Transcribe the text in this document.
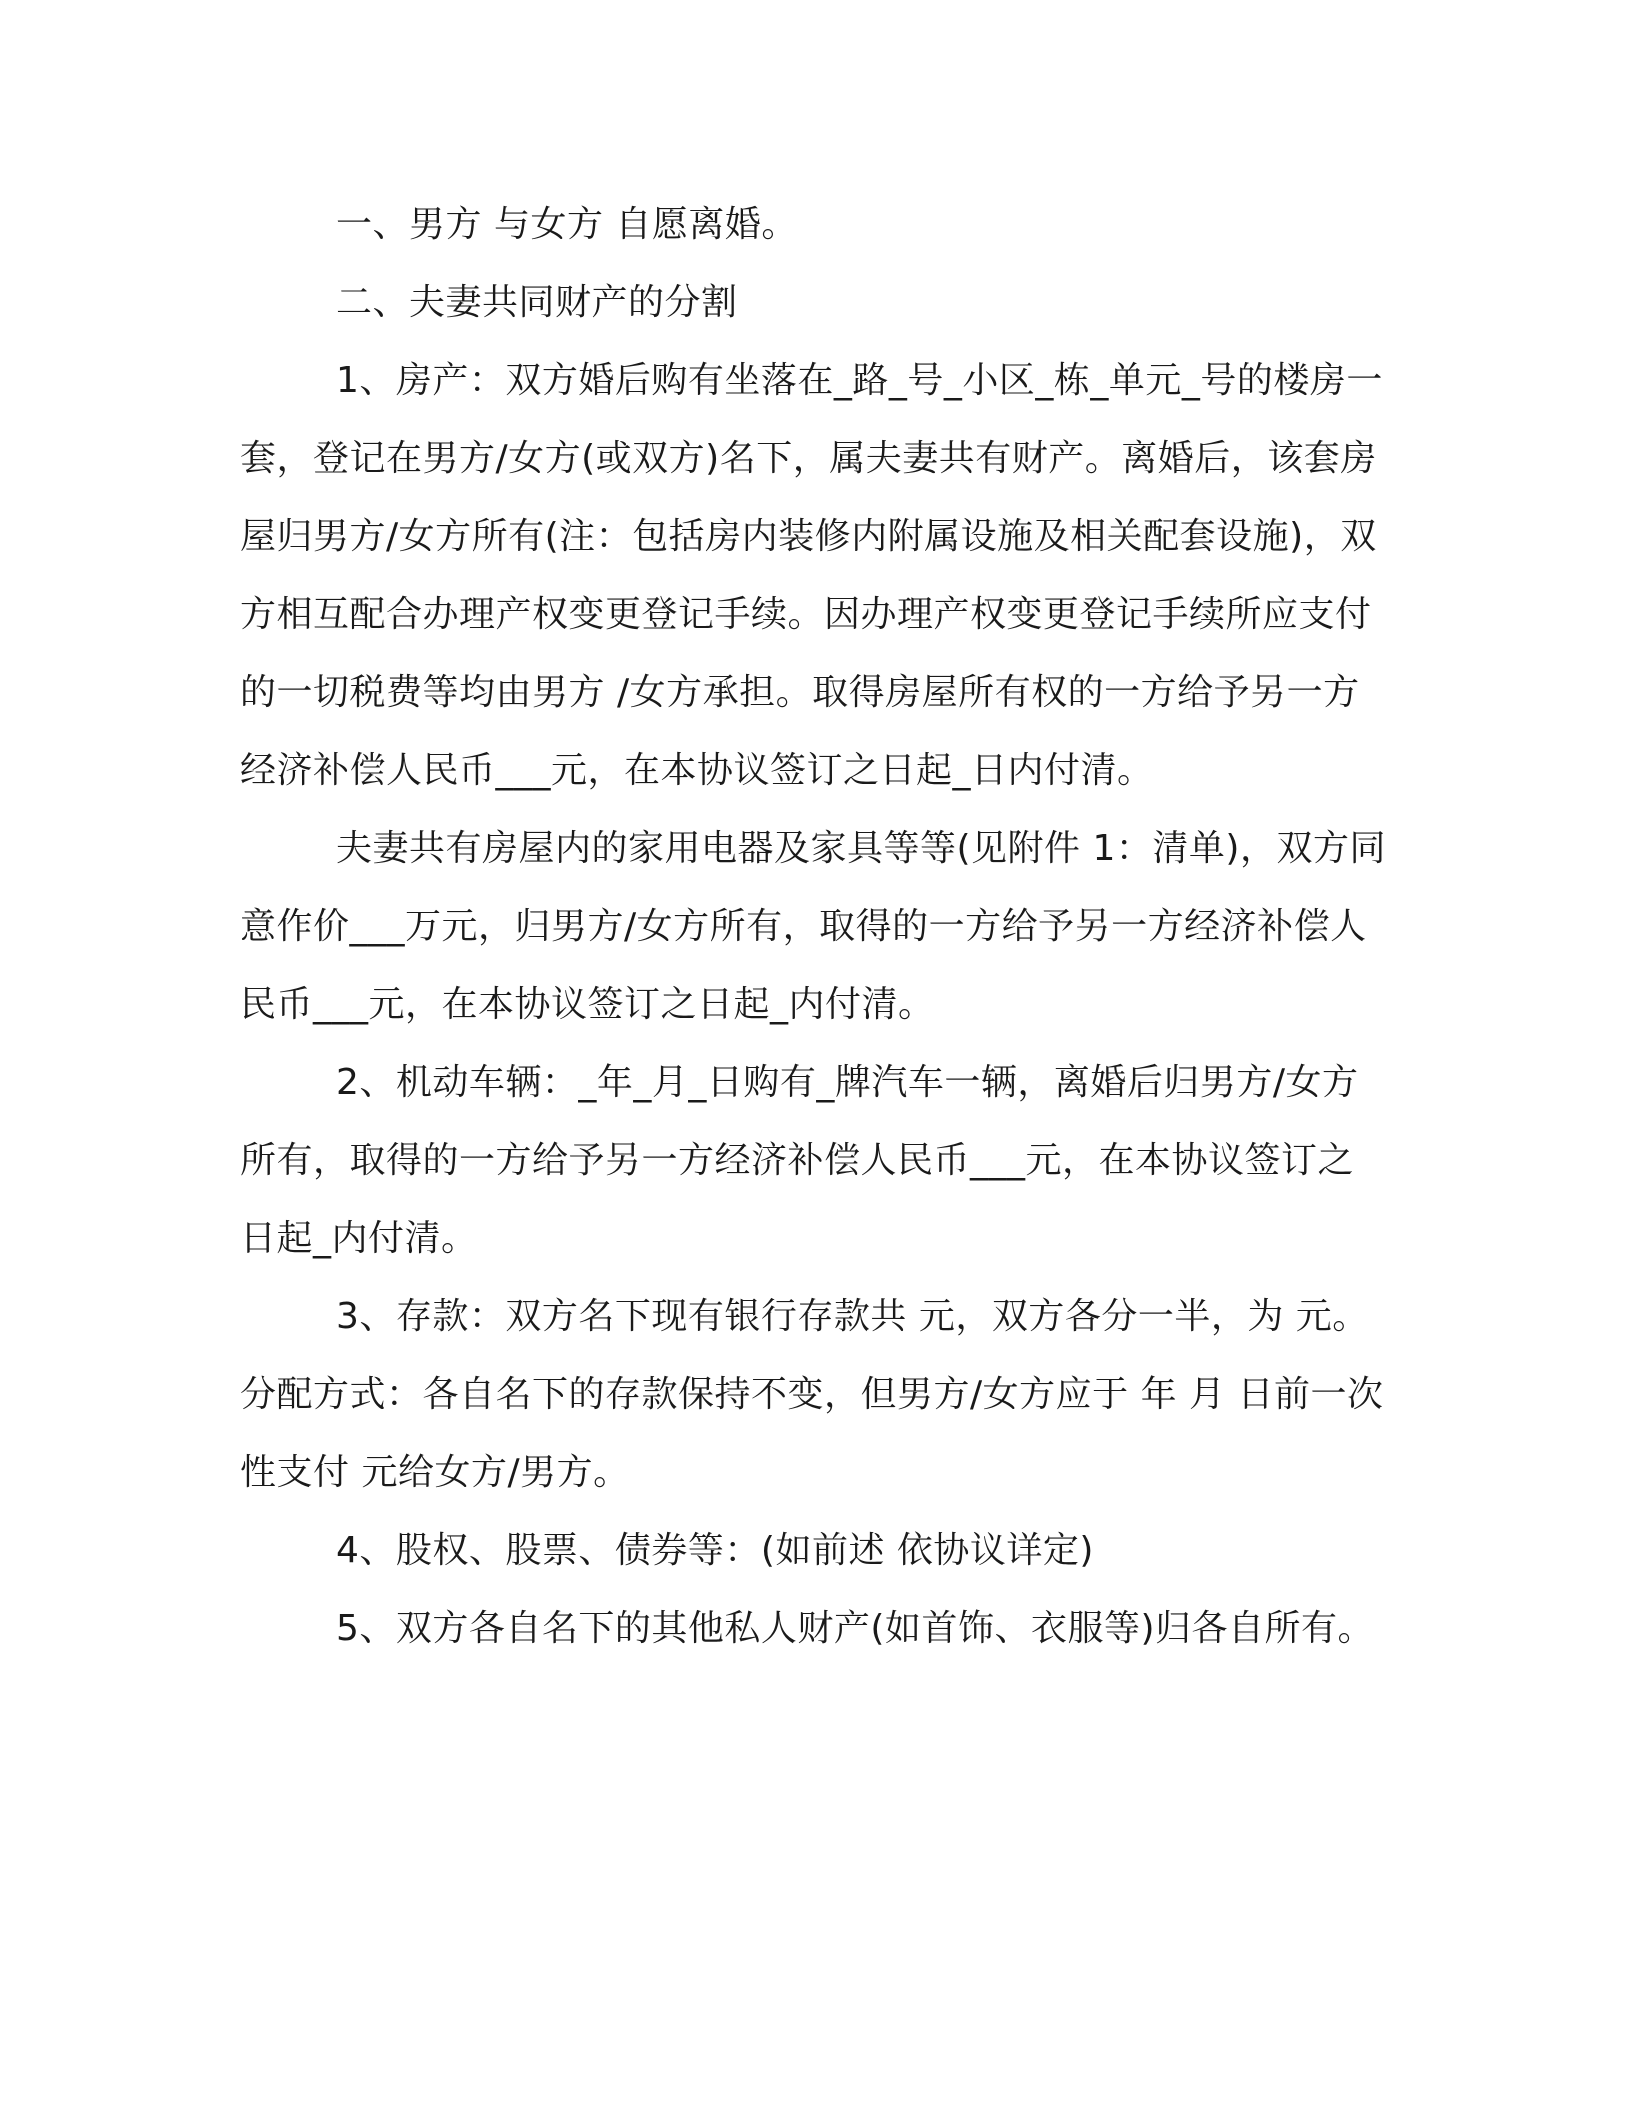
一、男方 与女方 自愿离婚。

二、夫妻共同财产的分割

1、房产：双方婚后购有坐落在_路_号_小区_栋_单元_号的楼房一套，登记在男方/女方(或双方)名下，属夫妻共有财产。离婚后，该套房屋归男方/女方所有(注：包括房内装修内附属设施及相关配套设施)，双方相互配合办理产权变更登记手续。因办理产权变更登记手续所应支付的一切税费等均由男方 /女方承担。取得房屋所有权的一方给予另一方经济补偿人民币___元，在本协议签订之日起_日内付清。

夫妻共有房屋内的家用电器及家具等等(见附件 1：清单)，双方同意作价___万元，归男方/女方所有，取得的一方给予另一方经济补偿人民币___元，在本协议签订之日起_内付清。

2、机动车辆：_年_月_日购有_牌汽车一辆，离婚后归男方/女方所有，取得的一方给予另一方经济补偿人民币___元，在本协议签订之日起_内付清。

3、存款：双方名下现有银行存款共 元，双方各分一半，为 元。分配方式：各自名下的存款保持不变，但男方/女方应于 年 月 日前一次性支付 元给女方/男方。

4、股权、股票、债券等：(如前述 依协议详定)

5、双方各自名下的其他私人财产(如首饰、衣服等)归各自所有。
